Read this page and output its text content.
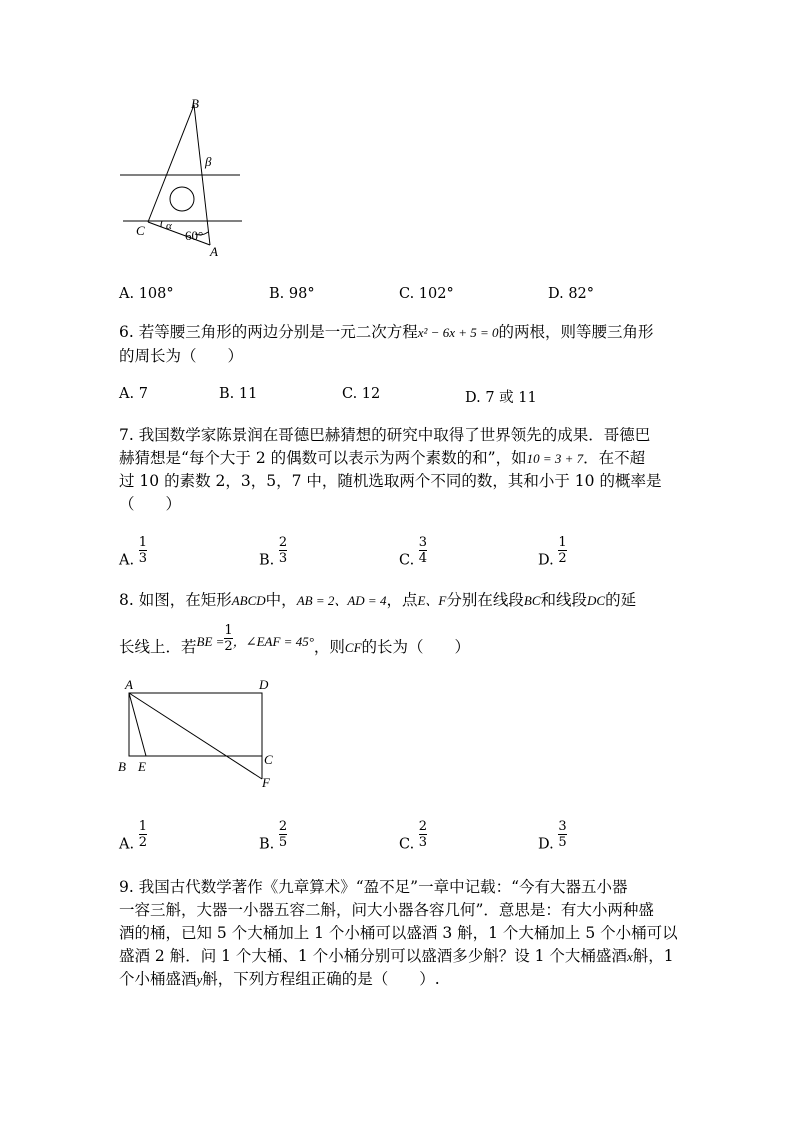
B
β
C α
60°
A
A. 108°	B. 98°	C. 102°	D. 82°
6. 若等腰三角形的两边分别是一元二次方程x² − 6x + 5 = 0的两根，则等腰三角形
的周长为（　　）
A. 7	B. 11	C. 12	D. 7 或 11
7. 我国数学家陈景润在哥德巴赫猜想的研究中取得了世界领先的成果．哥德巴
赫猜想是“每个大于 2 的偶数可以表示为两个素数的和”，如10 = 3 + 7．在不超
过 10 的素数 2，3，5，7 中，随机选取两个不同的数，其和小于 10 的概率是
（　　）
A. $\frac{1}{3}$	B. $\frac{2}{3}$	C. $\frac{3}{4}$	D. $\frac{1}{2}$
8. 如图，在矩形ABCD中，AB = 2、AD = 4，点E、F分别在线段BC和线段DC的延
长线上．若$^{BE =} \frac{1}{2} ^{,\angle EAF = 45^\circ}$，则CF的长为（　　）
A	D
B E	C
F
A. $\frac{1}{2}$	B. $\frac{2}{5}$	C. $\frac{2}{3}$	D. $\frac{3}{5}$
9. 我国古代数学著作《九章算术》“盈不足”一章中记载：“今有大器五小器
一容三斛，大器一小器五容二斛，问大小器各容几何”．意思是：有大小两种盛
酒的桶，已知 5 个大桶加上 1 个小桶可以盛酒 3 斛，1 个大桶加上 5 个小桶可以
盛酒 2 斛．问 1 个大桶、1 个小桶分别可以盛酒多少斛？设 1 个大桶盛酒x斛，1
个小桶盛酒y斛，下列方程组正确的是（　　）.
